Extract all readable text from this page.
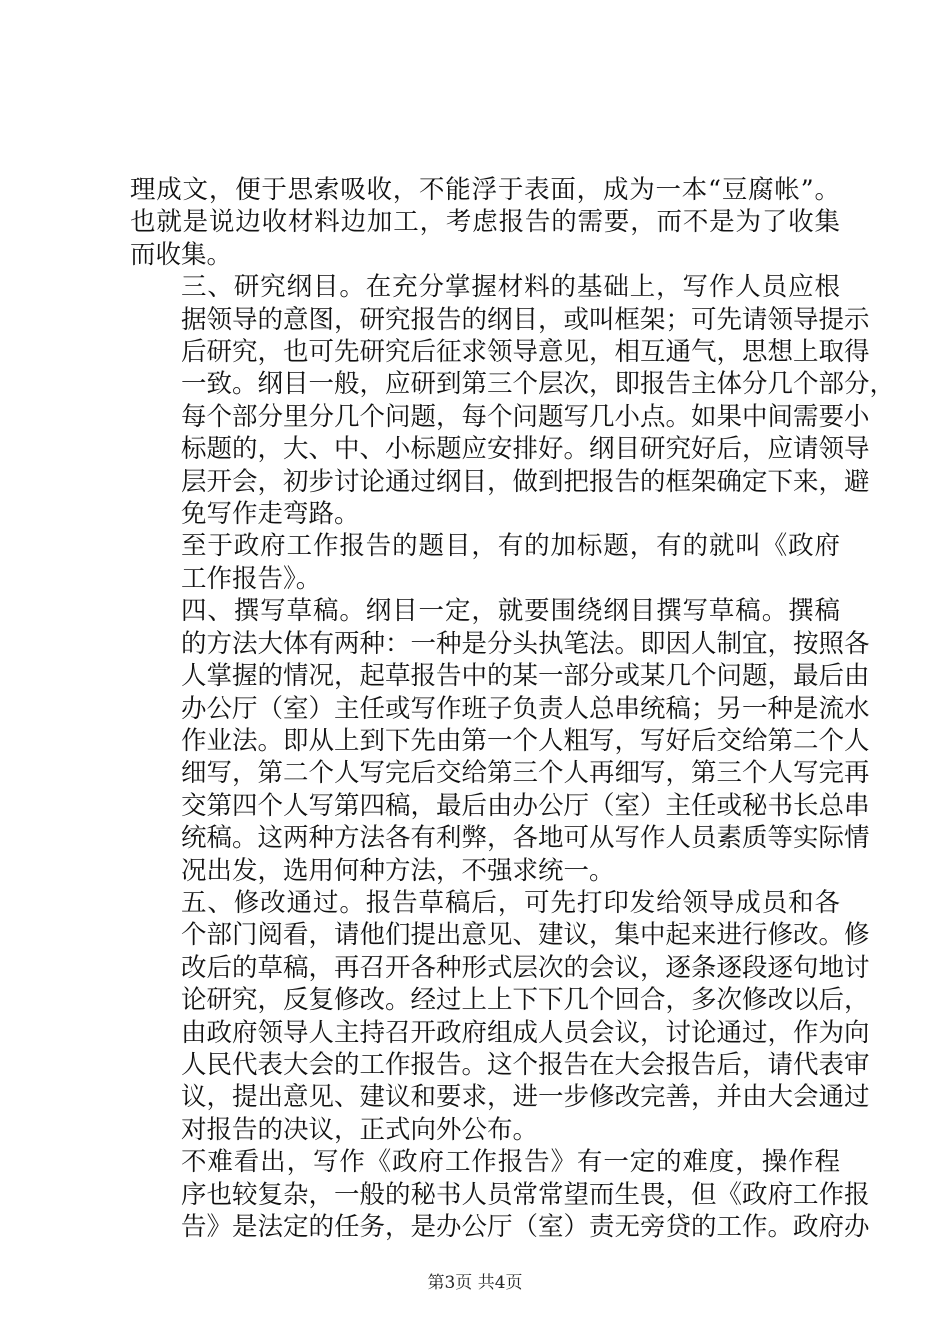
理成文，便于思索吸收，不能浮于表面，成为一本“豆腐帐”。
也就是说边收材料边加工，考虑报告的需要，而不是为了收集
而收集。
三、研究纲目。在充分掌握材料的基础上，写作人员应根
据领导的意图，研究报告的纲目，或叫框架；可先请领导提示
后研究，也可先研究后征求领导意见，相互通气，思想上取得
一致。纲目一般，应研到第三个层次，即报告主体分几个部分，
每个部分里分几个问题，每个问题写几小点。如果中间需要小
标题的，大、中、小标题应安排好。纲目研究好后，应请领导
层开会，初步讨论通过纲目，做到把报告的框架确定下来，避
免写作走弯路。
至于政府工作报告的题目，有的加标题，有的就叫《政府
工作报告》。
四、撰写草稿。纲目一定，就要围绕纲目撰写草稿。撰稿
的方法大体有两种：一种是分头执笔法。即因人制宜，按照各
人掌握的情况，起草报告中的某一部分或某几个问题，最后由
办公厅（室）主任或写作班子负责人总串统稿；另一种是流水
作业法。即从上到下先由第一个人粗写，写好后交给第二个人
细写，第二个人写完后交给第三个人再细写，第三个人写完再
交第四个人写第四稿，最后由办公厅（室）主任或秘书长总串
统稿。这两种方法各有利弊，各地可从写作人员素质等实际情
况出发，选用何种方法，不强求统一。
五、修改通过。报告草稿后，可先打印发给领导成员和各
个部门阅看，请他们提出意见、建议，集中起来进行修改。修
改后的草稿，再召开各种形式层次的会议，逐条逐段逐句地讨
论研究，反复修改。经过上上下下几个回合，多次修改以后，
由政府领导人主持召开政府组成人员会议，讨论通过，作为向
人民代表大会的工作报告。这个报告在大会报告后，请代表审
议，提出意见、建议和要求，进一步修改完善，并由大会通过
对报告的决议，正式向外公布。
不难看出，写作《政府工作报告》有一定的难度，操作程
序也较复杂，一般的秘书人员常常望而生畏，但《政府工作报
告》是法定的任务，是办公厅（室）责无旁贷的工作。政府办
第3页 共4页
